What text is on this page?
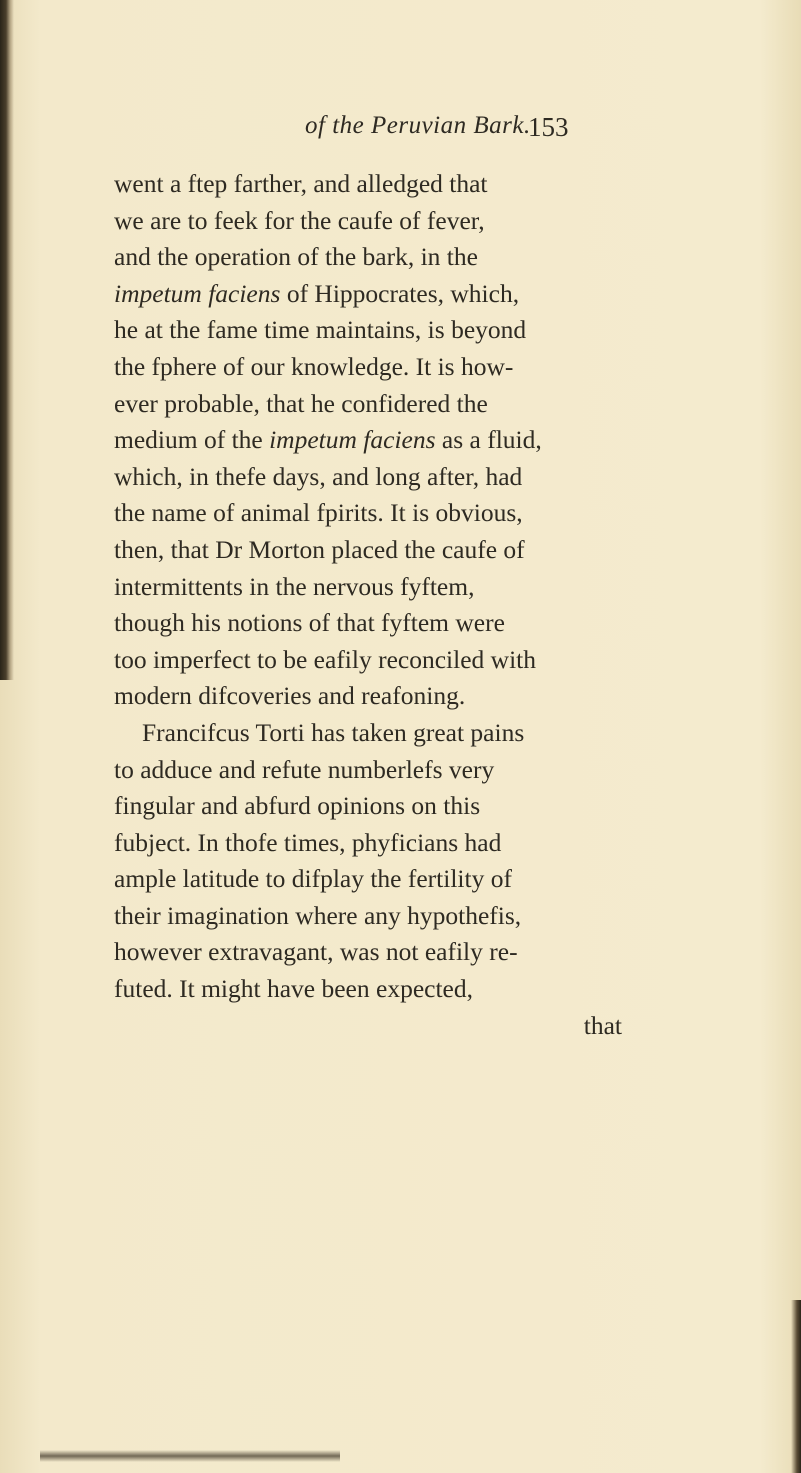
of the Peruvian Bark.
153
went a ftep farther, and alledged that
we are to feek for the caufe of fever,
and the operation of the bark, in the
impetum faciens of Hippocrates, which,
he at the fame time maintains, is beyond
the fphere of our knowledge. It is how-
ever probable, that he confidered the
medium of the impetum faciens as a fluid,
which, in thefe days, and long after, had
the name of animal fpirits. It is obvious,
then, that Dr Morton placed the caufe of
intermittents in the nervous fyftem,
though his notions of that fyftem were
too imperfect to be eafily reconciled with
modern difcoveries and reafoning.
Francifcus Torti has taken great pains
to adduce and refute numberlefs very
fingular and abfurd opinions on this
fubject. In thofe times, phyficians had
ample latitude to difplay the fertility of
their imagination where any hypothefis,
however extravagant, was not eafily re-
futed. It might have been expected,
that
